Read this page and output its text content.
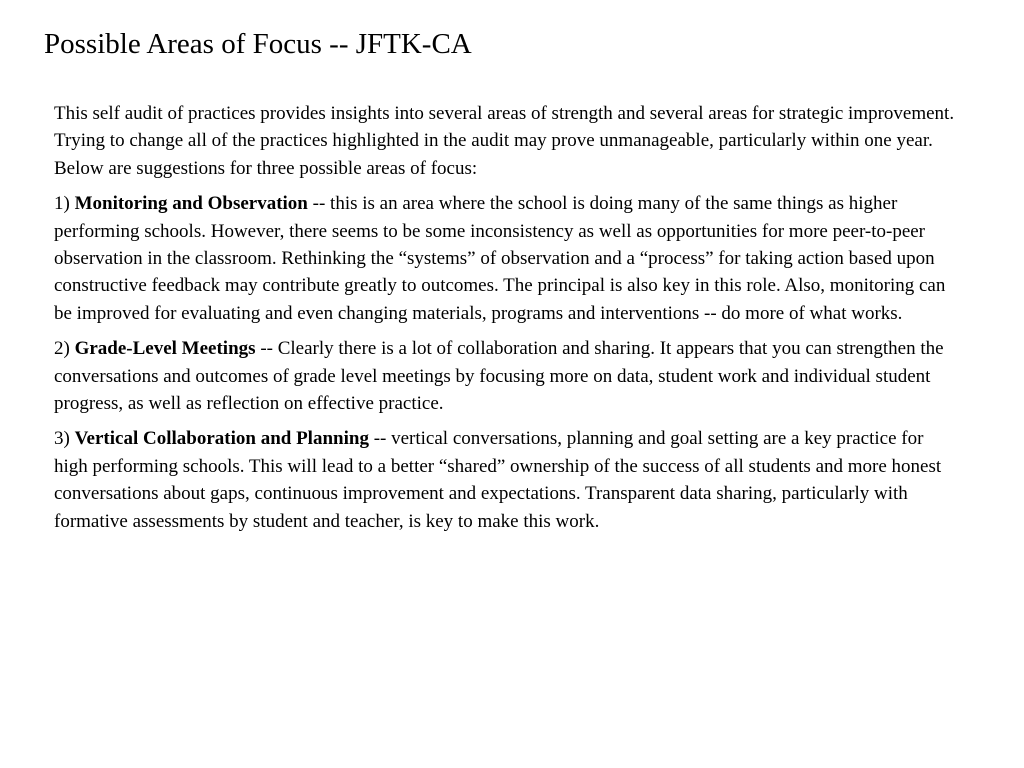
Possible Areas of Focus -- JFTK-CA

This self audit of practices provides insights into several areas of strength and several areas for strategic improvement. Trying to change all of the practices highlighted in the audit may prove unmanageable, particularly within one year. Below are suggestions for three possible areas of focus:

1) Monitoring and Observation -- this is an area where the school is doing many of the same things as higher performing schools. However, there seems to be some inconsistency as well as opportunities for more peer-to-peer observation in the classroom. Rethinking the “systems” of observation and a “process” for taking action based upon constructive feedback may contribute greatly to outcomes. The principal is also key in this role. Also, monitoring can be improved for evaluating and even changing materials, programs and interventions -- do more of what works.

2) Grade-Level Meetings -- Clearly there is a lot of collaboration and sharing. It appears that you can strengthen the conversations and outcomes of grade level meetings by focusing more on data, student work and individual student progress, as well as reflection on effective practice.

3) Vertical Collaboration and Planning -- vertical conversations, planning and goal setting are a key practice for high performing schools. This will lead to a better “shared” ownership of the success of all students and more honest conversations about gaps, continuous improvement and expectations. Transparent data sharing, particularly with formative assessments by student and teacher, is key to make this work.
